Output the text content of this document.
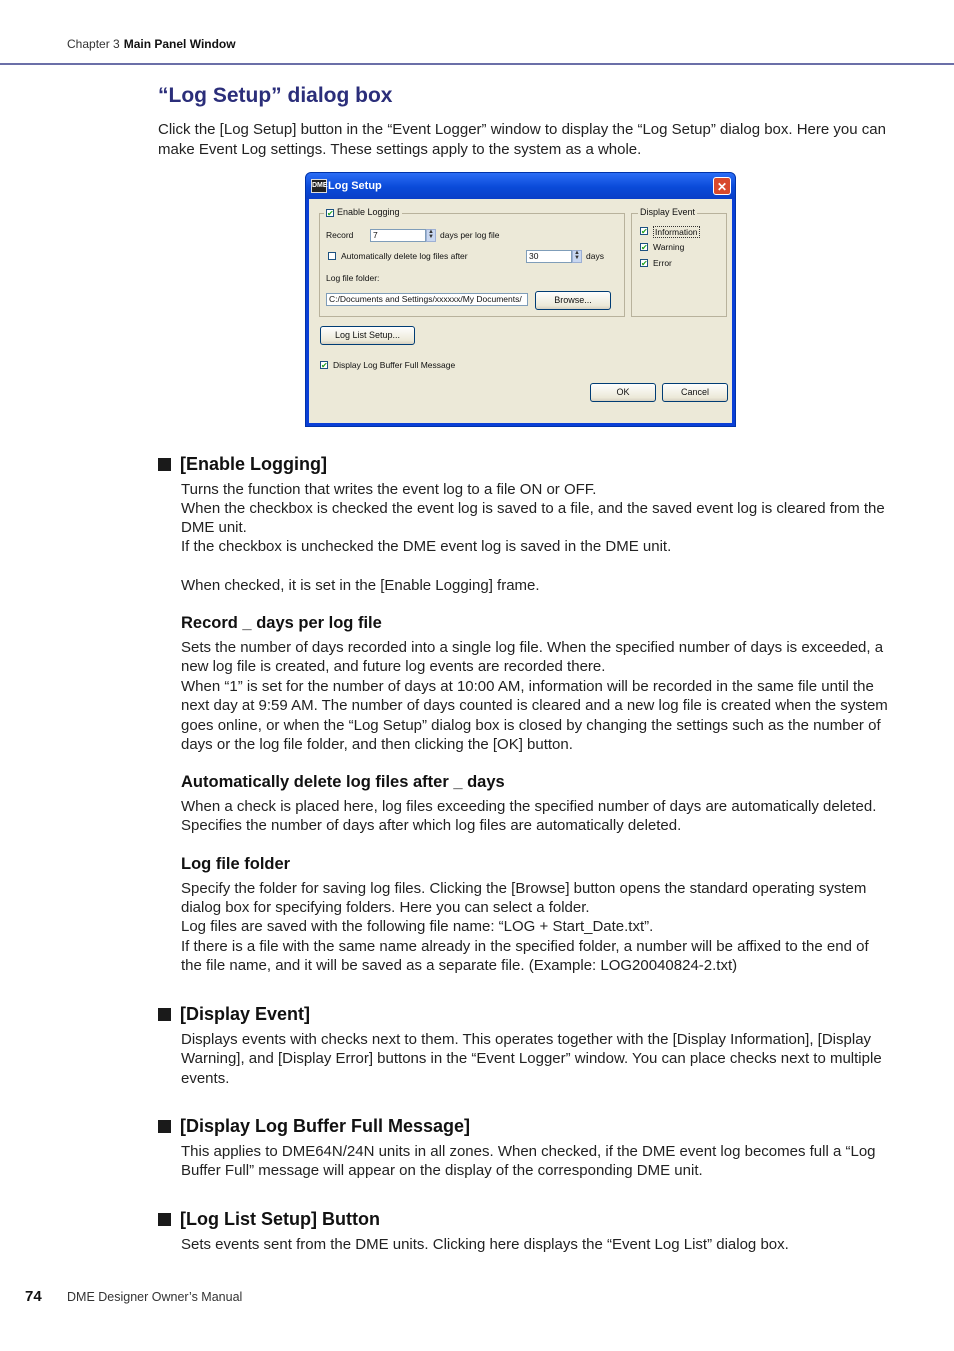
Chapter 3 Main Panel Window
“Log Setup” dialog box

Click the [Log Setup] button in the “Event Logger” window to display the “Log Setup” dialog box. Here you can make Event Log settings. These settings apply to the system as a whole.

DME Log Setup	✕
✔ Enable Logging
Record	7	▲
▼ days per log file
Automatically delete log files after	30	▲
▼ days
Log file folder:
C:/Documents and Settings/xxxxxx/My Documents/	Browse...
Display Event
✔ Information
✔ Warning
✔ Error
Log List Setup...
✔ Display Log Buffer Full Message
OK	Cancel
[Enable Logging]

Turns the function that writes the event log to a file ON or OFF.

When the checkbox is checked the event log is saved to a file, and the saved event log is cleared from the DME unit.

If the checkbox is unchecked the DME event log is saved in the DME unit.

When checked, it is set in the [Enable Logging] frame.

Record _ days per log file

Sets the number of days recorded into a single log file. When the specified number of days is exceeded, a new log file is created, and future log events are recorded there.

When “1” is set for the number of days at 10:00 AM, information will be recorded in the same file until the next day at 9:59 AM. The number of days counted is cleared and a new log file is created when the system goes online, or when the “Log Setup” dialog box is closed by changing the settings such as the number of days or the log file folder, and then clicking the [OK] button.

Automatically delete log files after _ days

When a check is placed here, log files exceeding the specified number of days are automatically deleted. Specifies the number of days after which log files are automatically deleted.

Log file folder

Specify the folder for saving log files. Clicking the [Browse] button opens the standard operating system dialog box for specifying folders. Here you can select a folder.

Log files are saved with the following file name: “LOG + Start_Date.txt”.

If there is a file with the same name already in the specified folder, a number will be affixed to the end of the file name, and it will be saved as a separate file. (Example: LOG20040824-2.txt)

[Display Event]

Displays events with checks next to them. This operates together with the [Display Information], [Display Warning], and [Display Error] buttons in the “Event Logger” window. You can place checks next to multiple events.

[Display Log Buffer Full Message]

This applies to DME64N/24N units in all zones. When checked, if the DME event log becomes full a “Log Buffer Full” message will appear on the display of the corresponding DME unit.

[Log List Setup] Button

Sets events sent from the DME units. Clicking here displays the “Event Log List” dialog box.

74 DME Designer Owner’s Manual
